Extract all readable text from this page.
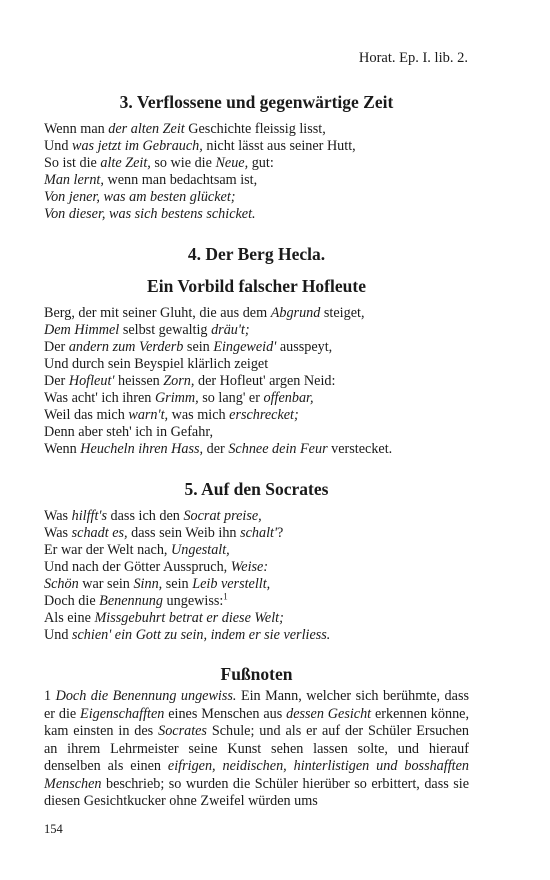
Horat. Ep. I. lib. 2.
3. Verflossene und gegenwärtige Zeit
Wenn man der alten Zeit Geschichte fleissig lisst,
Und was jetzt im Gebrauch, nicht lässt aus seiner Hutt,
So ist die alte Zeit, so wie die Neue, gut:
Man lernt, wenn man bedachtsam ist,
Von jener, was am besten glücket;
Von dieser, was sich bestens schicket.
4. Der Berg Hecla.
Ein Vorbild falscher Hofleute
Berg, der mit seiner Gluht, die aus dem Abgrund steiget,
Dem Himmel selbst gewaltig dräu't;
Der andern zum Verderb sein Eingeweid' ausspeyt,
Und durch sein Beyspiel klärlich zeiget
Der Hofleut' heissen Zorn, der Hofleut' argen Neid:
Was acht' ich ihren Grimm, so lang' er offenbar,
Weil das mich warn't, was mich erschrecket;
Denn aber steh' ich in Gefahr,
Wenn Heucheln ihren Hass, der Schnee dein Feur verstecket.
5. Auf den Socrates
Was hilfft's dass ich den Socrat preise,
Was schadt es, dass sein Weib ihn schalt'?
Er war der Welt nach, Ungestalt,
Und nach der Götter Ausspruch, Weise:
Schön war sein Sinn, sein Leib verstellt,
Doch die Benennung ungewiss:$^1$
Als eine Missgebuhrt betrat er diese Welt;
Und schien' ein Gott zu sein, indem er sie verliess.
Fußnoten
1 Doch die Benennung ungewiss. Ein Mann, welcher sich berühmte, dass er die Eigenschafften eines Menschen aus dessen Gesicht erkennen könne, kam einsten in des Socrates Schule; und als er auf der Schüler Ersuchen an ihrem Lehrmeister seine Kunst sehen lassen solte, und hierauf denselben als einen eifrigen, neidischen, hinterlistigen und bosshafften Menschen beschrieb; so wurden die Schüler hierüber so erbittert, dass sie diesen Gesichtkucker ohne Zweifel würden ums
154
